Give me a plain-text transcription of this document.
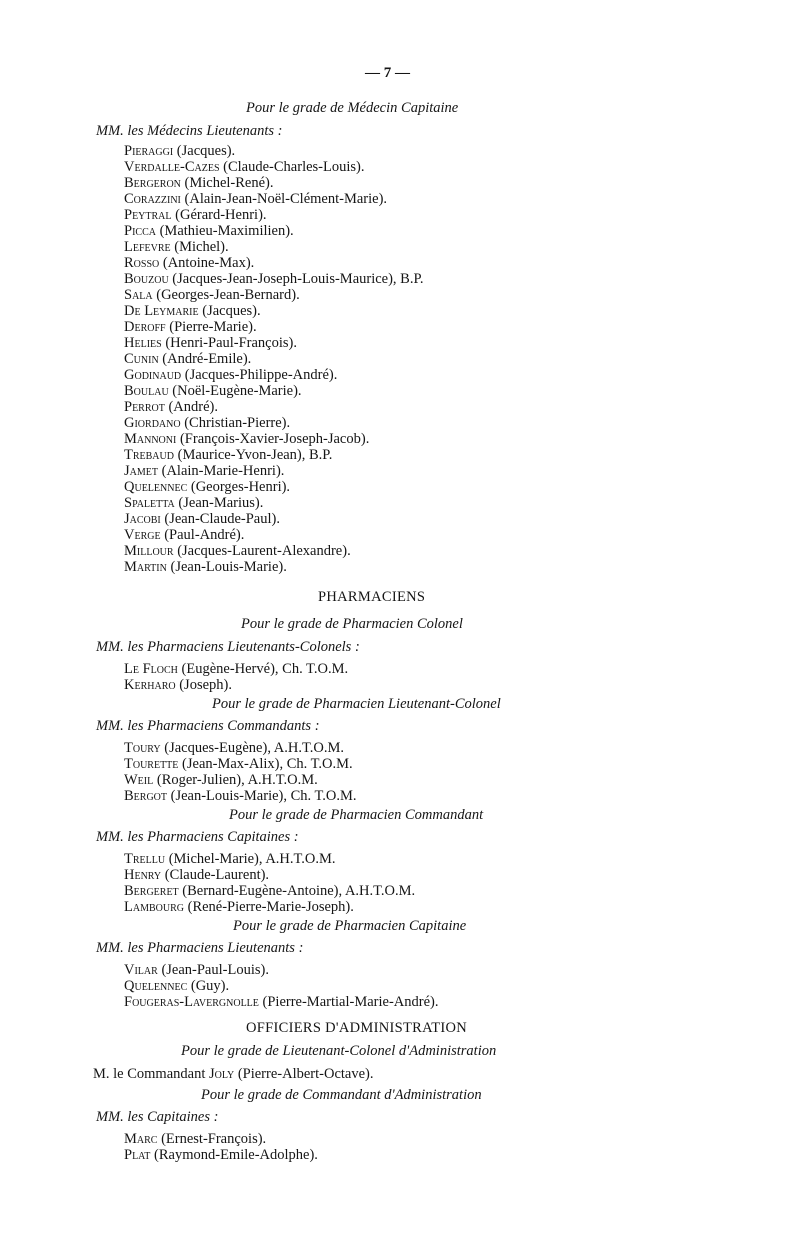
— 7 —
Pour le grade de Médecin Capitaine
MM. les Médecins Lieutenants :
Pieraggi (Jacques).
Verdalle-Cazes (Claude-Charles-Louis).
Bergeron (Michel-René).
Corazzini (Alain-Jean-Noël-Clément-Marie).
Peytral (Gérard-Henri).
Picca (Mathieu-Maximilien).
Lefevre (Michel).
Rosso (Antoine-Max).
Bouzou (Jacques-Jean-Joseph-Louis-Maurice), B.P.
Sala (Georges-Jean-Bernard).
De Leymarie (Jacques).
Deroff (Pierre-Marie).
Helies (Henri-Paul-François).
Cunin (André-Emile).
Godinaud (Jacques-Philippe-André).
Boulau (Noël-Eugène-Marie).
Perrot (André).
Giordano (Christian-Pierre).
Mannoni (François-Xavier-Joseph-Jacob).
Trebaud (Maurice-Yvon-Jean), B.P.
Jamet (Alain-Marie-Henri).
Quelennec (Georges-Henri).
Spaletta (Jean-Marius).
Jacobi (Jean-Claude-Paul).
Verge (Paul-André).
Millour (Jacques-Laurent-Alexandre).
Martin (Jean-Louis-Marie).
PHARMACIENS
Pour le grade de Pharmacien Colonel
MM. les Pharmaciens Lieutenants-Colonels :
Le Floch (Eugène-Hervé), Ch. T.O.M.
Kerharo (Joseph).
Pour le grade de Pharmacien Lieutenant-Colonel
MM. les Pharmaciens Commandants :
Toury (Jacques-Eugène), A.H.T.O.M.
Tourette (Jean-Max-Alix), Ch. T.O.M.
Weil (Roger-Julien), A.H.T.O.M.
Bergot (Jean-Louis-Marie), Ch. T.O.M.
Pour le grade de Pharmacien Commandant
MM. les Pharmaciens Capitaines :
Trellu (Michel-Marie), A.H.T.O.M.
Henry (Claude-Laurent).
Bergeret (Bernard-Eugène-Antoine), A.H.T.O.M.
Lambourg (René-Pierre-Marie-Joseph).
Pour le grade de Pharmacien Capitaine
MM. les Pharmaciens Lieutenants :
Vilar (Jean-Paul-Louis).
Quelennec (Guy).
Fougeras-Lavergnolle (Pierre-Martial-Marie-André).
OFFICIERS D'ADMINISTRATION
Pour le grade de Lieutenant-Colonel d'Administration
M. le Commandant Joly (Pierre-Albert-Octave).
Pour le grade de Commandant d'Administration
MM. les Capitaines :
Marc (Ernest-François).
Plat (Raymond-Emile-Adolphe).
